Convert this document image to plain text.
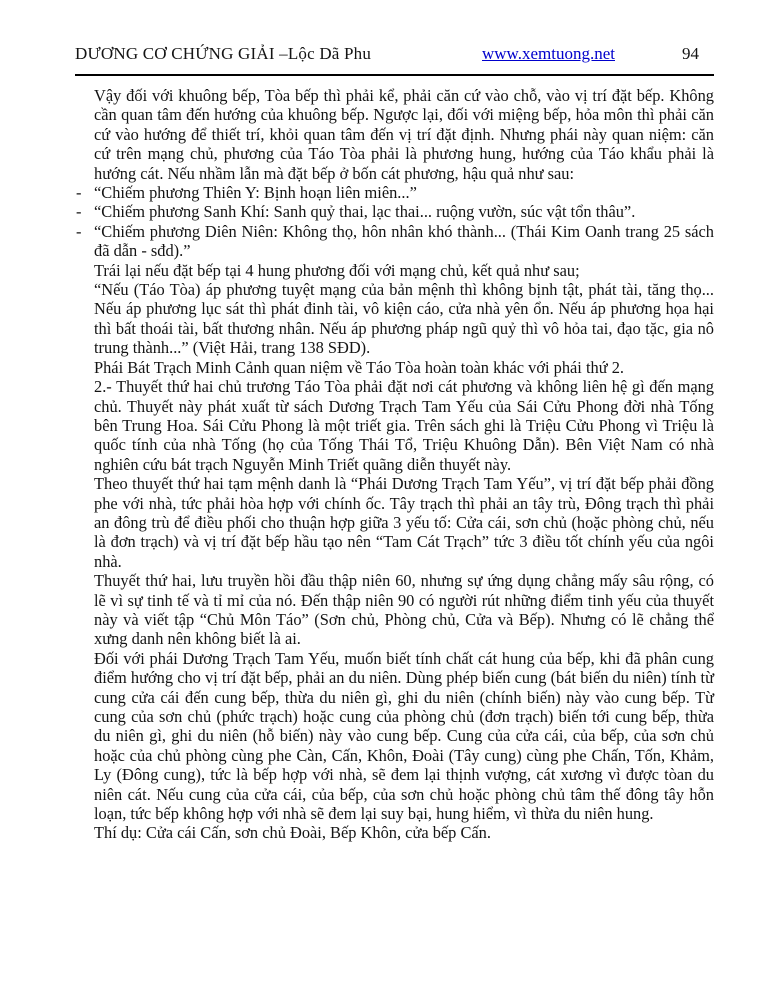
DƯƠNG CƠ CHỨNG GIẢI –Lộc Dã Phu	www.xemtuong.net	94

Vậy đối với khuông bếp, Tòa bếp thì phải kể, phải căn cứ vào chỗ, vào vị trí đặt bếp. Không cần quan tâm đến hướng của khuông bếp. Ngược lại, đối với miệng bếp, hỏa môn thì phải căn cứ vào hướng để thiết trí, khỏi quan tâm đến vị trí đặt định. Nhưng phái này quan niệm: căn cứ trên mạng chủ, phương của Táo Tòa phải là phương hung, hướng của Táo khẩu phải là hướng cát. Nếu nhầm lẫn mà đặt bếp ở bốn cát phương, hậu quả như sau:

- “Chiếm phương Thiên Y: Bịnh hoạn liên miên...”

- “Chiếm phương Sanh Khí: Sanh quỷ thai, lạc thai... ruộng vườn, súc vật tổn thâu”.

- “Chiếm phương Diên Niên: Không thọ, hôn nhân khó thành... (Thái Kim Oanh trang 25 sách đã dẫn - sđd).”

Trái lại nếu đặt bếp tại 4 hung phương đối với mạng chủ, kết quả như sau;

“Nếu (Táo Tòa) áp phương tuyệt mạng của bản mệnh thì không bịnh tật, phát tài, tăng thọ... Nếu áp phương lục sát thì phát đinh tài, vô kiện cáo, cửa nhà yên ổn. Nếu áp phương họa hại thì bất thoái tài, bất thương nhân. Nếu áp phương pháp ngũ quỷ thì vô hỏa tai, đạo tặc, gia nô trung thành...” (Việt Hải, trang 138 SĐD).

Phái Bát Trạch Minh Cảnh quan niệm về Táo Tòa hoàn toàn khác với phái thứ 2.

2.- Thuyết thứ hai chủ trương Táo Tòa phải đặt nơi cát phương và không liên hệ gì đến mạng chủ. Thuyết này phát xuất từ sách Dương Trạch Tam Yếu của Sái Cửu Phong đời nhà Tống bên Trung Hoa. Sái Cửu Phong là một triết gia. Trên sách ghi là Triệu Cửu Phong vì Triệu là quốc tính của nhà Tống (họ của Tống Thái Tổ, Triệu Khuông Dẫn). Bên Việt Nam có nhà nghiên cứu bát trạch Nguyễn Minh Triết quãng diễn thuyết này.

Theo thuyết thứ hai tạm mệnh danh là “Phái Dương Trạch Tam Yếu”, vị trí đặt bếp phải đồng phe với nhà, tức phải hòa hợp với chính ốc. Tây trạch thì phải an tây trù, Đông trạch thì phải an đông trù để điều phối cho thuận hợp giữa 3 yếu tố: Cửa cái, sơn chủ (hoặc phòng chủ, nếu là đơn trạch) và vị trí đặt bếp hầu tạo nên “Tam Cát Trạch” tức 3 điều tốt chính yếu của ngôi nhà.

Thuyết thứ hai, lưu truyền hồi đầu thập niên 60, nhưng sự ứng dụng chẳng mấy sâu rộng, có lẽ vì sự tinh tế và tỉ mỉ của nó. Đến thập niên 90 có người rút những điểm tinh yếu của thuyết này và viết tập “Chủ Môn Táo” (Sơn chủ, Phòng chủ, Cửa và Bếp). Nhưng có lẽ chẳng thể xưng danh nên không biết là ai.

Đối với phái Dương Trạch Tam Yếu, muốn biết tính chất cát hung của bếp, khi đã phân cung điểm hướng cho vị trí đặt bếp, phải an du niên. Dùng phép biến cung (bát biến du niên) tính từ cung cửa cái đến cung bếp, thừa du niên gì, ghi du niên (chính biến) này vào cung bếp. Từ cung của sơn chủ (phức trạch) hoặc cung của phòng chủ (đơn trạch) biến tới cung bếp, thừa du niên gì, ghi du niên (hỗ biến) này vào cung bếp. Cung của cửa cái, của bếp, của sơn chủ hoặc của chủ phòng cùng phe Càn, Cấn, Khôn, Đoài (Tây cung) cùng phe Chấn, Tốn, Khảm, Ly (Đông cung), tức là bếp hợp với nhà, sẽ đem lại thịnh vượng, cát xương vì được tòan du niên cát. Nếu cung của cửa cái, của bếp, của sơn chủ hoặc phòng chủ tâm thế đông tây hỗn loạn, tức bếp không hợp với nhà sẽ đem lại suy bại, hung hiểm, vì thừa du niên hung.

Thí dụ: Cửa cái Cấn, sơn chủ Đoài, Bếp Khôn, cửa bếp Cấn.
